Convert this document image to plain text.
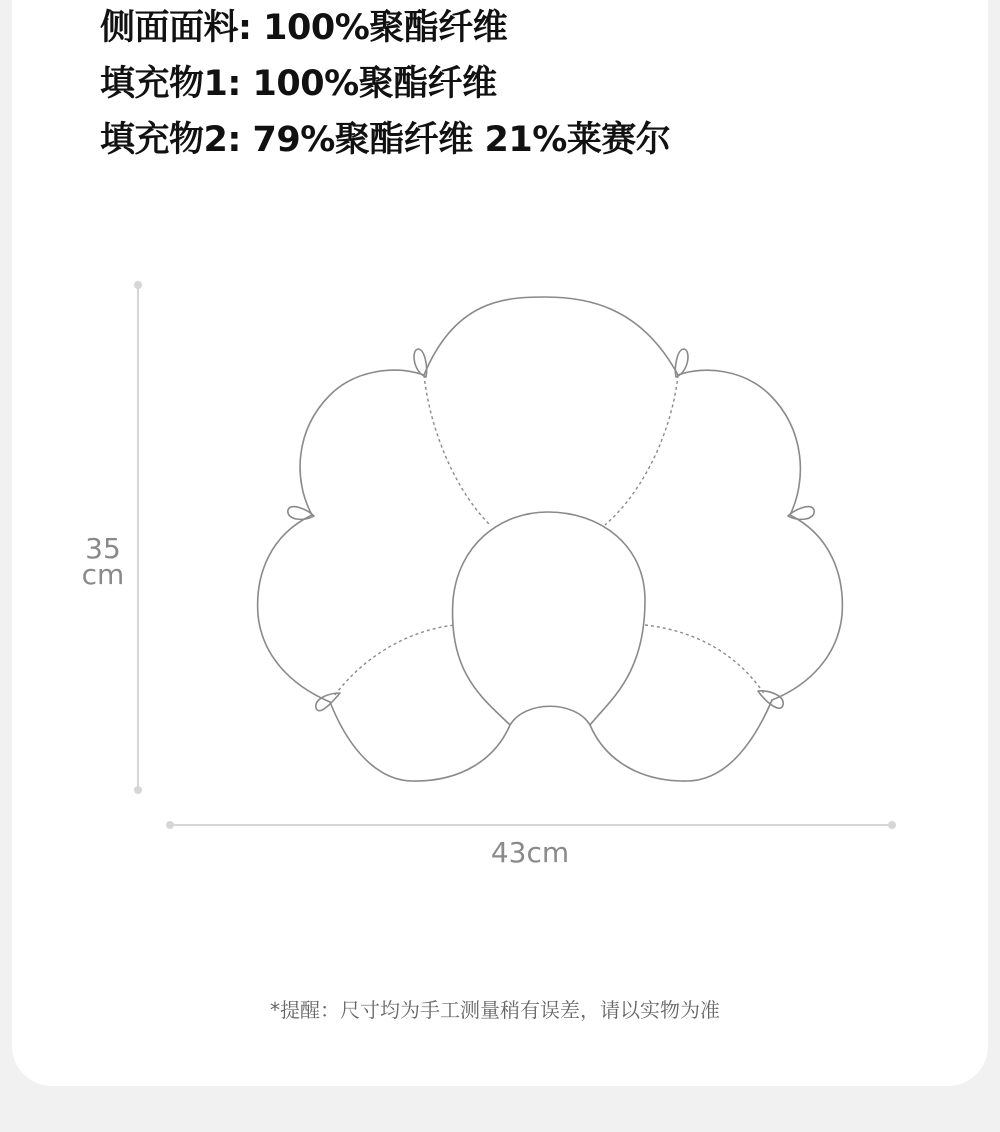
侧面面料: 100%聚酯纤维

填充物1: 100%聚酯纤维

填充物2: 79%聚酯纤维 21%莱赛尔

35
cm
43cm
*提醒：尺寸均为手工测量稍有误差，请以实物为准
